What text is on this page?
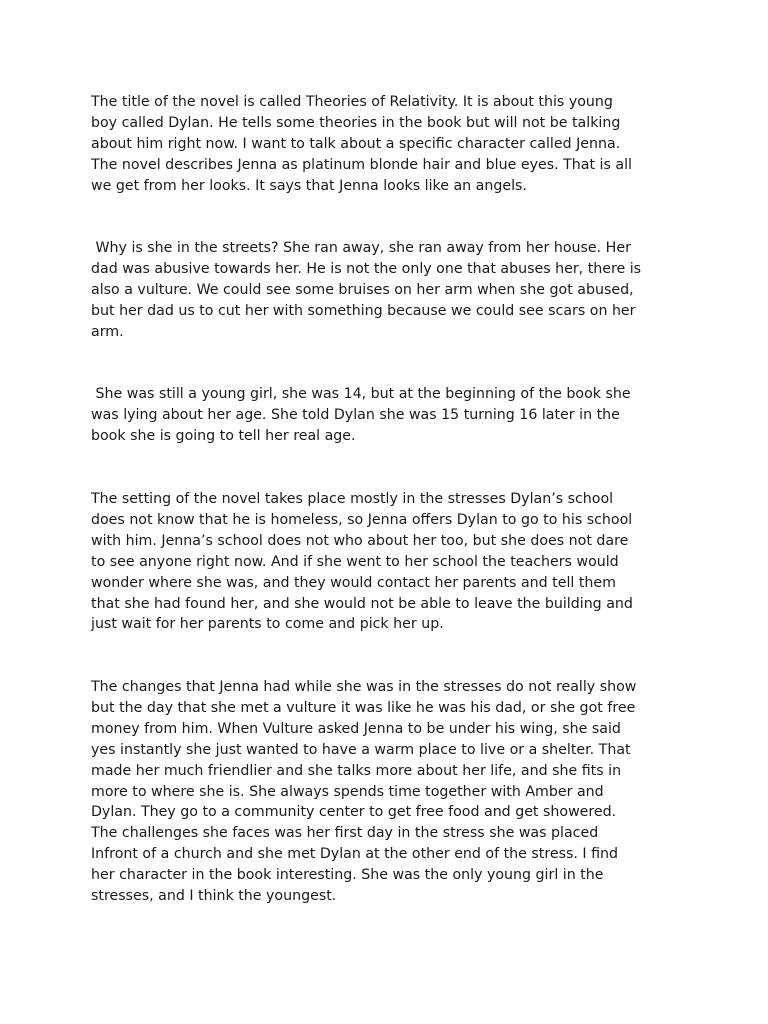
The title of the novel is called Theories of Relativity. It is about this young
boy called Dylan. He tells some theories in the book but will not be talking
about him right now. I want to talk about a specific character called Jenna.
The novel describes Jenna as platinum blonde hair and blue eyes. That is all
we get from her looks. It says that Jenna looks like an angels.

Why is she in the streets? She ran away, she ran away from her house. Her
dad was abusive towards her. He is not the only one that abuses her, there is
also a vulture. We could see some bruises on her arm when she got abused,
but her dad us to cut her with something because we could see scars on her
arm.

She was still a young girl, she was 14, but at the beginning of the book she
was lying about her age. She told Dylan she was 15 turning 16 later in the
book she is going to tell her real age.

The setting of the novel takes place mostly in the stresses Dylan’s school
does not know that he is homeless, so Jenna offers Dylan to go to his school
with him. Jenna’s school does not who about her too, but she does not dare
to see anyone right now. And if she went to her school the teachers would
wonder where she was, and they would contact her parents and tell them
that she had found her, and she would not be able to leave the building and
just wait for her parents to come and pick her up.

The changes that Jenna had while she was in the stresses do not really show
but the day that she met a vulture it was like he was his dad, or she got free
money from him. When Vulture asked Jenna to be under his wing, she said
yes instantly she just wanted to have a warm place to live or a shelter. That
made her much friendlier and she talks more about her life, and she fits in
more to where she is. She always spends time together with Amber and
Dylan. They go to a community center to get free food and get showered.
The challenges she faces was her first day in the stress she was placed
Infront of a church and she met Dylan at the other end of the stress. I find
her character in the book interesting. She was the only young girl in the
stresses, and I think the youngest.
